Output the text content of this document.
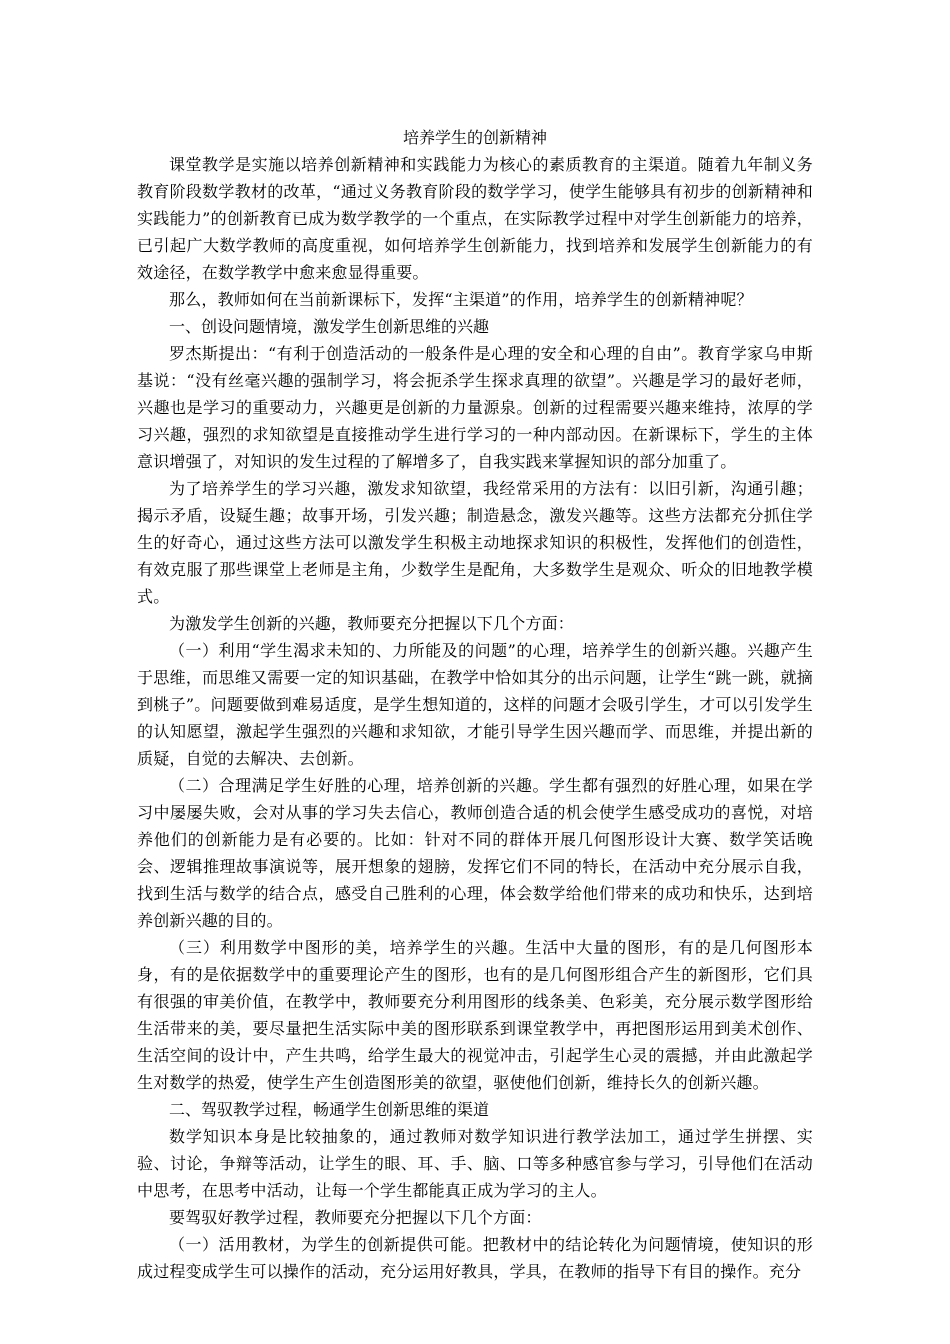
培养学生的创新精神

课堂教学是实施以培养创新精神和实践能力为核心的素质教育的主渠道。随着九年制义务教育阶段数学教材的改革，“通过义务教育阶段的数学学习，使学生能够具有初步的创新精神和实践能力”的创新教育已成为数学教学的一个重点，在实际教学过程中对学生创新能力的培养，已引起广大数学教师的高度重视，如何培养学生创新能力，找到培养和发展学生创新能力的有效途径，在数学教学中愈来愈显得重要。

那么，教师如何在当前新课标下，发挥“主渠道”的作用，培养学生的创新精神呢？

一、创设问题情境，激发学生创新思维的兴趣

罗杰斯提出：“有利于创造活动的一般条件是心理的安全和心理的自由”。教育学家乌申斯基说：“没有丝毫兴趣的强制学习，将会扼杀学生探求真理的欲望”。兴趣是学习的最好老师，兴趣也是学习的重要动力，兴趣更是创新的力量源泉。创新的过程需要兴趣来维持，浓厚的学习兴趣，强烈的求知欲望是直接推动学生进行学习的一种内部动因。在新课标下，学生的主体意识增强了，对知识的发生过程的了解增多了，自我实践来掌握知识的部分加重了。

为了培养学生的学习兴趣，激发求知欲望，我经常采用的方法有：以旧引新，沟通引趣；揭示矛盾，设疑生趣；故事开场，引发兴趣；制造悬念，激发兴趣等。这些方法都充分抓住学生的好奇心，通过这些方法可以激发学生积极主动地探求知识的积极性，发挥他们的创造性，有效克服了那些课堂上老师是主角，少数学生是配角，大多数学生是观众、听众的旧地教学模式。

为激发学生创新的兴趣，教师要充分把握以下几个方面：

（一）利用“学生渴求未知的、力所能及的问题”的心理，培养学生的创新兴趣。兴趣产生于思维，而思维又需要一定的知识基础，在教学中恰如其分的出示问题，让学生“跳一跳，就摘到桃子”。问题要做到难易适度，是学生想知道的，这样的问题才会吸引学生，才可以引发学生的认知愿望，激起学生强烈的兴趣和求知欲，才能引导学生因兴趣而学、而思维，并提出新的质疑，自觉的去解决、去创新。

（二）合理满足学生好胜的心理，培养创新的兴趣。学生都有强烈的好胜心理，如果在学习中屡屡失败，会对从事的学习失去信心，教师创造合适的机会使学生感受成功的喜悦，对培养他们的创新能力是有必要的。比如：针对不同的群体开展几何图形设计大赛、数学笑话晚会、逻辑推理故事演说等，展开想象的翅膀，发挥它们不同的特长，在活动中充分展示自我，找到生活与数学的结合点，感受自己胜利的心理，体会数学给他们带来的成功和快乐，达到培养创新兴趣的目的。

（三）利用数学中图形的美，培养学生的兴趣。生活中大量的图形，有的是几何图形本身，有的是依据数学中的重要理论产生的图形，也有的是几何图形组合产生的新图形，它们具有很强的审美价值，在教学中，教师要充分利用图形的线条美、色彩美，充分展示数学图形给生活带来的美，要尽量把生活实际中美的图形联系到课堂教学中，再把图形运用到美术创作、生活空间的设计中，产生共鸣，给学生最大的视觉冲击，引起学生心灵的震撼，并由此激起学生对数学的热爱，使学生产生创造图形美的欲望，驱使他们创新，维持长久的创新兴趣。

二、驾驭教学过程，畅通学生创新思维的渠道

数学知识本身是比较抽象的，通过教师对数学知识进行教学法加工，通过学生拼摆、实验、讨论，争辩等活动，让学生的眼、耳、手、脑、口等多种感官参与学习，引导他们在活动中思考，在思考中活动，让每一个学生都能真正成为学习的主人。

要驾驭好教学过程，教师要充分把握以下几个方面：

（一）活用教材，为学生的创新提供可能。把教材中的结论转化为问题情境，使知识的形成过程变成学生可以操作的活动，充分运用好教具，学具，在教师的指导下有目的操作。充分
